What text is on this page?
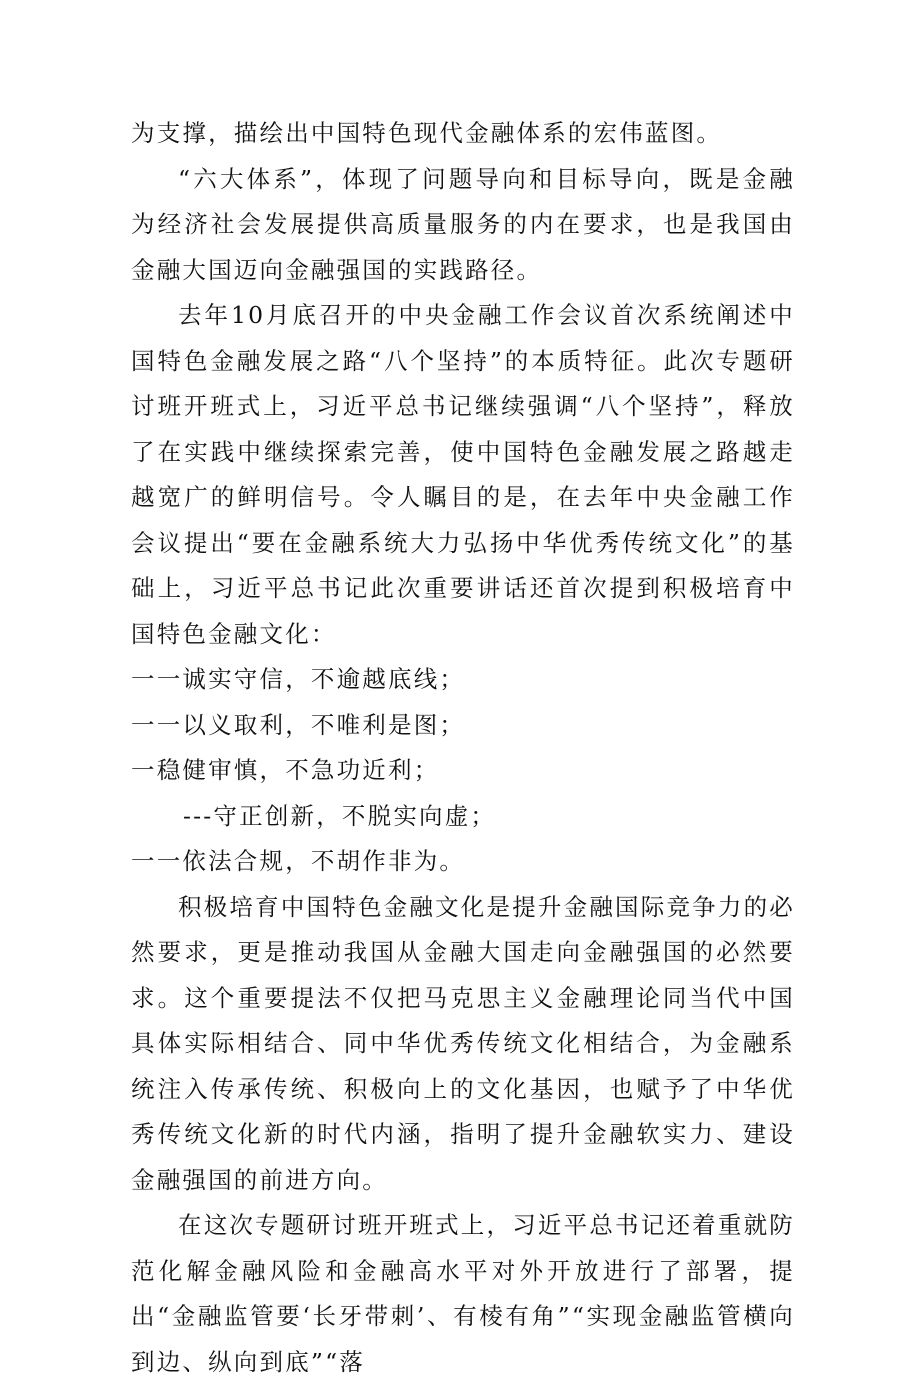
为支撑，描绘出中国特色现代金融体系的宏伟蓝图。

“六大体系”，体现了问题导向和目标导向，既是金融为经济社会发展提供高质量服务的内在要求，也是我国由金融大国迈向金融强国的实践路径。

去年10月底召开的中央金融工作会议首次系统阐述中国特色金融发展之路“八个坚持”的本质特征。此次专题研讨班开班式上，习近平总书记继续强调“八个坚持”，释放了在实践中继续探索完善，使中国特色金融发展之路越走越宽广的鲜明信号。令人瞩目的是，在去年中央金融工作会议提出“要在金融系统大力弘扬中华优秀传统文化”的基础上，习近平总书记此次重要讲话还首次提到积极培育中国特色金融文化：

一一诚实守信，不逾越底线；

一一以义取利，不唯利是图；

一稳健审慎，不急功近利；

---守正创新，不脱实向虚；

一一依法合规，不胡作非为。

积极培育中国特色金融文化是提升金融国际竞争力的必然要求，更是推动我国从金融大国走向金融强国的必然要求。这个重要提法不仅把马克思主义金融理论同当代中国具体实际相结合、同中华优秀传统文化相结合，为金融系统注入传承传统、积极向上的文化基因，也赋予了中华优秀传统文化新的时代内涵，指明了提升金融软实力、建设金融强国的前进方向。

在这次专题研讨班开班式上，习近平总书记还着重就防范化解金融风险和金融高水平对外开放进行了部署，提出“金融监管要‘长牙带刺’、有棱有角”“实现金融监管横向到边、纵向到底”“落
